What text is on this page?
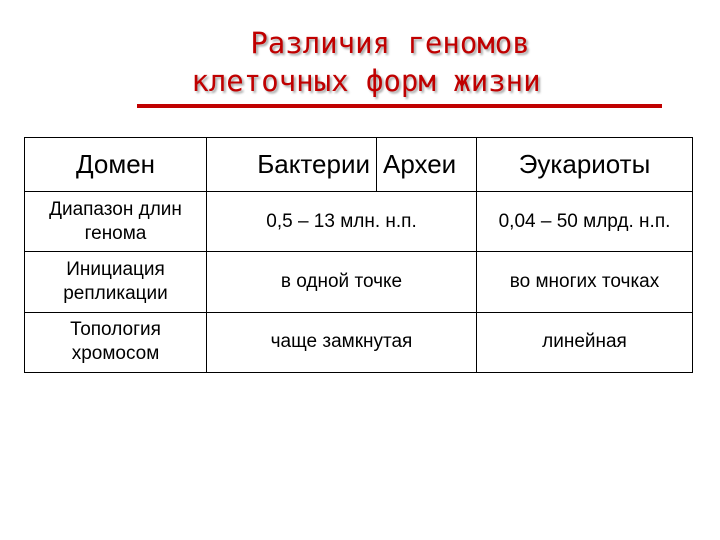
Различия геномов
клеточных форм жизни
Домен	Бактерии	Археи	Эукариоты
Диапазон длин генома	0,5 – 13 млн. н.п.		0,04 – 50 млрд. н.п.
Инициация репликации	в одной точке		во многих точках
Топология хромосом	чаще замкнутая		линейная
